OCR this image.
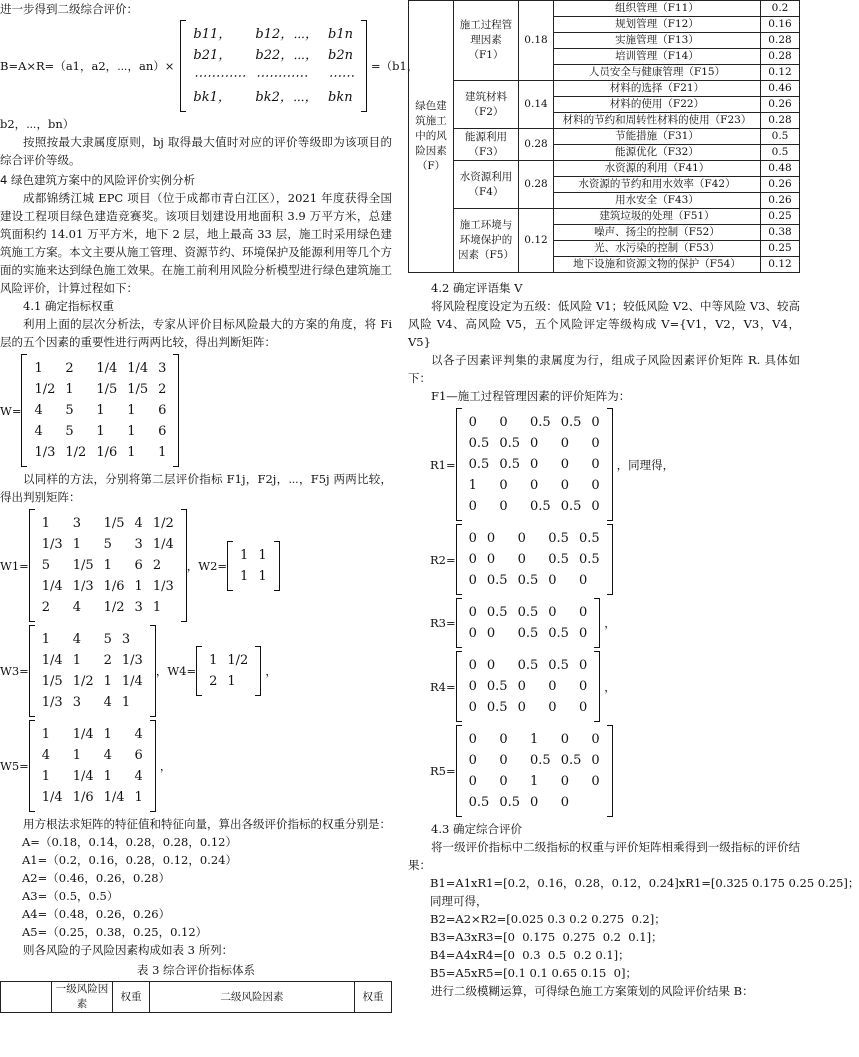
进一步得到二级综合评价：

B=A×R=（a1，a2，⋯，an）×
b11，	b12，⋯，	b1n
b21，	b22，⋯，	b2n
⋯⋯⋯⋯	⋯⋯⋯⋯	⋯⋯
bk1，	bk2，⋯，	bkn
=（b1，

b2，⋯，bn）

按照按最大隶属度原则，bj 取得最大值时对应的评价等级即为该项目的综合评价等级。

4 绿色建筑方案中的风险评价实例分析

成都锦绣江城 EPC 项目（位于成都市青白江区），2021 年度获得全国建设工程项目绿色建造竞赛奖。该项目划建设用地面积 3.9 万平方米，总建筑面积约 14.01 万平方米，地下 2 层，地上最高 33 层，施工时采用绿色建筑施工方案。本文主要从施工管理、资源节约、环境保护及能源利用等几个方面的实施来达到绿色施工效果。在施工前利用风险分析模型进行绿色建筑施工风险评价，计算过程如下：

4.1 确定指标权重

利用上面的层次分析法，专家从评价目标风险最大的方案的角度，将 Fi 层的五个因素的重要性进行两两比较，得出判断矩阵：

W=
1	2	1/4	1/4	3
1/2	1	1/5	1/5	2
4	5	1	1	6
4	5	1	1	6
1/3	1/2	1/6	1	1

以同样的方法，分别将第二层评价指标 F1j，F2j，⋯，F5j 两两比较，得出判别矩阵：

W1=
1	3	1/5	4	1/2
1/3	1	5	3	1/4
5	1/5	1	6	2
1/4	1/3	1/6	1	1/3
2	4	1/2	3	1
，W2=
1	1
1	1
W3=
1	4	5	3
1/4	1	2	1/3
1/5	1/2	1	1/4
1/3	3	4	1
，W4=
1	1/2
2	1
，
W5=
1	1/4	1	4
4	1	4	6
1	1/4	1	4
1/4	1/6	1/4	1
，

用方根法求矩阵的特征值和特征向量，算出各级评价指标的权重分别是：

A=（0.18，0.14，0.28，0.28，0.12）

A1=（0.2，0.16，0.28，0.12，0.24）

A2=（0.46，0.26，0.28）

A3=（0.5，0.5）

A4=（0.48，0.26，0.26）

A5=（0.25，0.38，0.25，0.12）

则各风险的子风险因素构成如表 3 所列：

表 3 综合评价指标体系

	一级风险因素	权重	二级风险因素	权重
绿色建筑施工中的风险因素（F）	施工过程管理因素（F1）	0.18	组织管理（F11）	0.2
			规划管理（F12）	0.16
			实施管理（F13）	0.28
			培训管理（F14）	0.28
			人员安全与健康管理（F15）	0.12
	建筑材料（F2）	0.14	材料的选择（F21）	0.46
			材料的使用（F22）	0.26
			材料的节约和周转性材料的使用（F23）	0.28
	能源利用（F3）	0.28	节能措施（F31）	0.5
			能源优化（F32）	0.5
	水资源利用（F4）	0.28	水资源的利用（F41）	0.48
			水资源的节约和用水效率（F42）	0.26
			用水安全（F43）	0.26
	施工环境与环境保护的因素（F5）	0.12	建筑垃圾的处理（F51）	0.25
			噪声、扬尘的控制（F52）	0.38
			光、水污染的控制（F53）	0.25
			地下设施和资源文物的保护（F54）	0.12

4.2 确定评语集 V

将风险程度设定为五级：低风险 V1；较低风险 V2、中等风险 V3、较高风险 V4、高风险 V5，五个风险评定等级构成 V={V1，V2，V3，V4，V5}

以各子因素评判集的隶属度为行，组成子风险因素评价矩阵 R. 具体如下：

F1—施工过程管理因素的评价矩阵为：

R1=
0	0	0.5	0.5	0
0.5	0.5	0	0	0
0.5	0.5	0	0	0
1	0	0	0	0
0	0	0.5	0.5	0
，同理得，
R2=
0	0	0	0.5	0.5
0	0	0	0.5	0.5
0	0.5	0.5	0	0
R3=
0	0.5	0.5	0	0
0	0	0.5	0.5	0
，
R4=
0	0	0.5	0.5	0
0	0.5	0	0	0
0	0.5	0	0	0
，
R5=
0	0	1	0	0
0	0	0.5	0.5	0
0	0	1	0	0
0.5	0.5	0	0	

4.3 确定综合评价

将一级评价指标中二级指标的权重与评价矩阵相乘得到一级指标的评价结果：

B1=A1xR1=[0.2，0.16，0.28，0.12，0.24]xR1=[0.325 0.175 0.25 0.25]；

同理可得，

B2=A2×R2=[0.025 0.3 0.2 0.275  0.2]；

B3=A3xR3=[0  0.175  0.275  0.2  0.1]；

B4=A4xR4=[0  0.3  0.5  0.2 0.1]；

B5=A5xR5=[0.1 0.1 0.65 0.15  0]；

进行二级模糊运算，可得绿色施工方案策划的风险评价结果 B：
